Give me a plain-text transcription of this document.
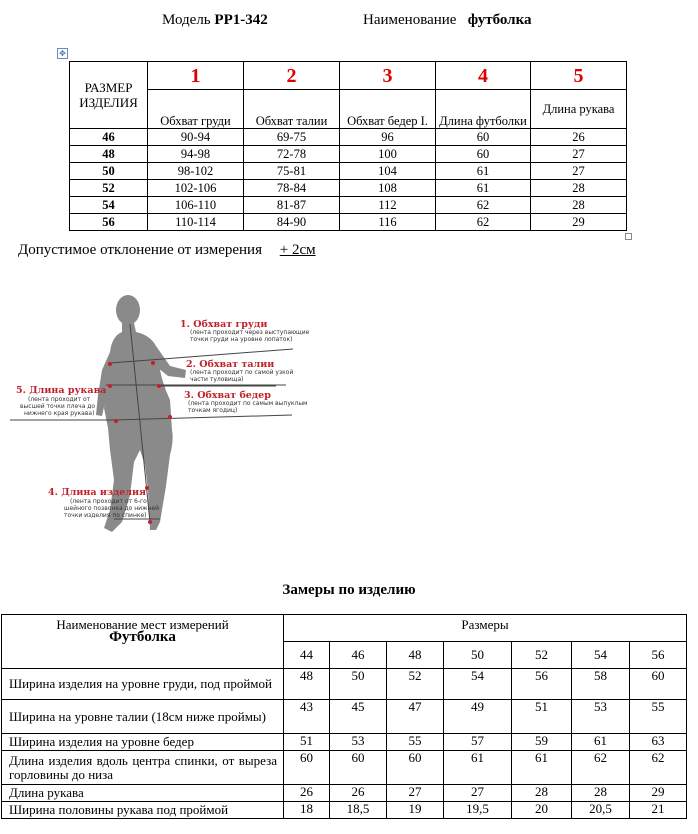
Модель РР1-342	Наименование футболка
✥
РАЗМЕР ИЗДЕЛИЯ	1	2	3	4	5
	Обхват груди	Обхват талии	Обхват бедер I.	Длина футболки	Длина рукава
46	90-94	69-75	96	60	26
48	94-98	72-78	100	60	27
50	98-102	75-81	104	61	27
52	102-106	78-84	108	61	28
54	106-110	81-87	112	62	28
56	110-114	84-90	116	62	29
Допустимое отклонение от измерения + 2см
1. Обхват груди
(лента проходит через выступающие
точки груди на уровне лопаток)
2. Обхват талии
(лента проходит по самой узкой
части туловища)
3. Обхват бедер
(лента проходит по самым выпуклым
точкам ягодиц)
4. Длина изделия
(лента проходит от 6-го
шейного позвонка до нижней
точки изделия по спинке)
5. Длина рукава
(лента проходит от
высшей точки плеча до
нижнего края рукава)
Замеры по изделию
Наименование мест измерений
Футболка	Размеры						
	44	46	48	50	52	54	56
Ширина изделия на уровне груди, под проймой	48	50	52	54	56	58	60
Ширина на уровне талии (18см ниже проймы)	43	45	47	49	51	53	55
Ширина изделия на уровне бедер	51	53	55	57	59	61	63
Длина изделия вдоль центра спинки, от выреза горловины до низа	60	60	60	61	61	62	62
Длина рукава	26	26	27	27	28	28	29
Ширина половины рукава под проймой	18	18,5	19	19,5	20	20,5	21
